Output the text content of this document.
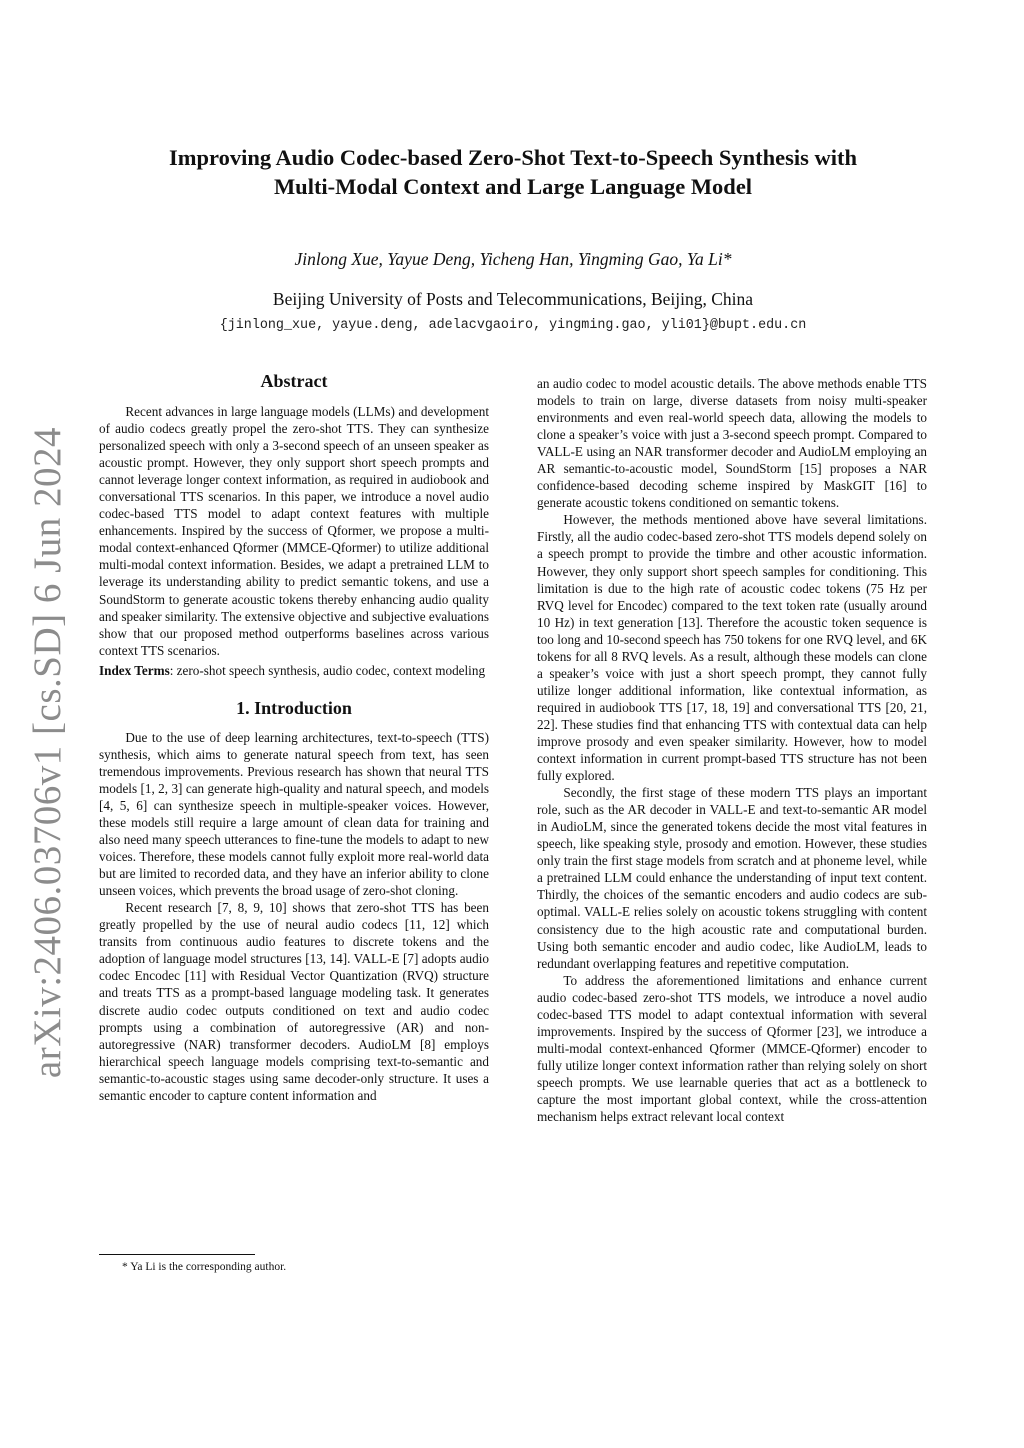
arXiv:2406.03706v1 [cs.SD] 6 Jun 2024
Improving Audio Codec-based Zero-Shot Text-to-Speech Synthesis with
Multi-Modal Context and Large Language Model
Jinlong Xue, Yayue Deng, Yicheng Han, Yingming Gao, Ya Li*
Beijing University of Posts and Telecommunications, Beijing, China
{jinlong_xue, yayue.deng, adelacvgaoiro, yingming.gao, yli01}@bupt.edu.cn
Abstract

Recent advances in large language models (LLMs) and development of audio codecs greatly propel the zero-shot TTS. They can synthesize personalized speech with only a 3-second speech of an unseen speaker as acoustic prompt. However, they only support short speech prompts and cannot leverage longer context information, as required in audiobook and conversational TTS scenarios. In this paper, we introduce a novel audio codec-based TTS model to adapt context features with multiple enhancements. Inspired by the success of Qformer, we propose a multi-modal context-enhanced Qformer (MMCE-Qformer) to utilize additional multi-modal context information. Besides, we adapt a pretrained LLM to leverage its understanding ability to predict semantic tokens, and use a SoundStorm to generate acoustic tokens thereby enhancing audio quality and speaker similarity. The extensive objective and subjective evaluations show that our proposed method outperforms baselines across various context TTS scenarios.

Index Terms: zero-shot speech synthesis, audio codec, context modeling

1. Introduction

Due to the use of deep learning architectures, text-to-speech (TTS) synthesis, which aims to generate natural speech from text, has seen tremendous improvements. Previous research has shown that neural TTS models [1, 2, 3] can generate high-quality and natural speech, and models [4, 5, 6] can synthesize speech in multiple-speaker voices. However, these models still require a large amount of clean data for training and also need many speech utterances to fine-tune the models to adapt to new voices. Therefore, these models cannot fully exploit more real-world data but are limited to recorded data, and they have an inferior ability to clone unseen voices, which prevents the broad usage of zero-shot cloning.

Recent research [7, 8, 9, 10] shows that zero-shot TTS has been greatly propelled by the use of neural audio codecs [11, 12] which transits from continuous audio features to discrete tokens and the adoption of language model structures [13, 14]. VALL-E [7] adopts audio codec Encodec [11] with Residual Vector Quantization (RVQ) structure and treats TTS as a prompt-based language modeling task. It generates discrete audio codec outputs conditioned on text and audio codec prompts using a combination of autoregressive (AR) and non-autoregressive (NAR) transformer decoders. AudioLM [8] employs hierarchical speech language models comprising text-to-semantic and semantic-to-acoustic stages using same decoder-only structure. It uses a semantic encoder to capture content information and

an audio codec to model acoustic details. The above methods enable TTS models to train on large, diverse datasets from noisy multi-speaker environments and even real-world speech data, allowing the models to clone a speaker’s voice with just a 3-second speech prompt. Compared to VALL-E using an NAR transformer decoder and AudioLM employing an AR semantic-to-acoustic model, SoundStorm [15] proposes a NAR confidence-based decoding scheme inspired by MaskGIT [16] to generate acoustic tokens conditioned on semantic tokens.

However, the methods mentioned above have several limitations. Firstly, all the audio codec-based zero-shot TTS models depend solely on a speech prompt to provide the timbre and other acoustic information. However, they only support short speech samples for conditioning. This limitation is due to the high rate of acoustic codec tokens (75 Hz per RVQ level for Encodec) compared to the text token rate (usually around 10 Hz) in text generation [13]. Therefore the acoustic token sequence is too long and 10-second speech has 750 tokens for one RVQ level, and 6K tokens for all 8 RVQ levels. As a result, although these models can clone a speaker’s voice with just a short speech prompt, they cannot fully utilize longer additional information, like contextual information, as required in audiobook TTS [17, 18, 19] and conversational TTS [20, 21, 22]. These studies find that enhancing TTS with contextual data can help improve prosody and even speaker similarity. However, how to model context information in current prompt-based TTS structure has not been fully explored.

Secondly, the first stage of these modern TTS plays an important role, such as the AR decoder in VALL-E and text-to-semantic AR model in AudioLM, since the generated tokens decide the most vital features in speech, like speaking style, prosody and emotion. However, these studies only train the first stage models from scratch and at phoneme level, while a pretrained LLM could enhance the understanding of input text content. Thirdly, the choices of the semantic encoders and audio codecs are sub-optimal. VALL-E relies solely on acoustic tokens struggling with content consistency due to the high acoustic rate and computational burden. Using both semantic encoder and audio codec, like AudioLM, leads to redundant overlapping features and repetitive computation.

To address the aforementioned limitations and enhance current audio codec-based zero-shot TTS models, we introduce a novel audio codec-based TTS model to adapt contextual information with several improvements. Inspired by the success of Qformer [23], we introduce a multi-modal context-enhanced Qformer (MMCE-Qformer) encoder to fully utilize longer context information rather than relying solely on short speech prompts. We use learnable queries that act as a bottleneck to capture the most important global context, while the cross-attention mechanism helps extract relevant local context

* Ya Li is the corresponding author.
